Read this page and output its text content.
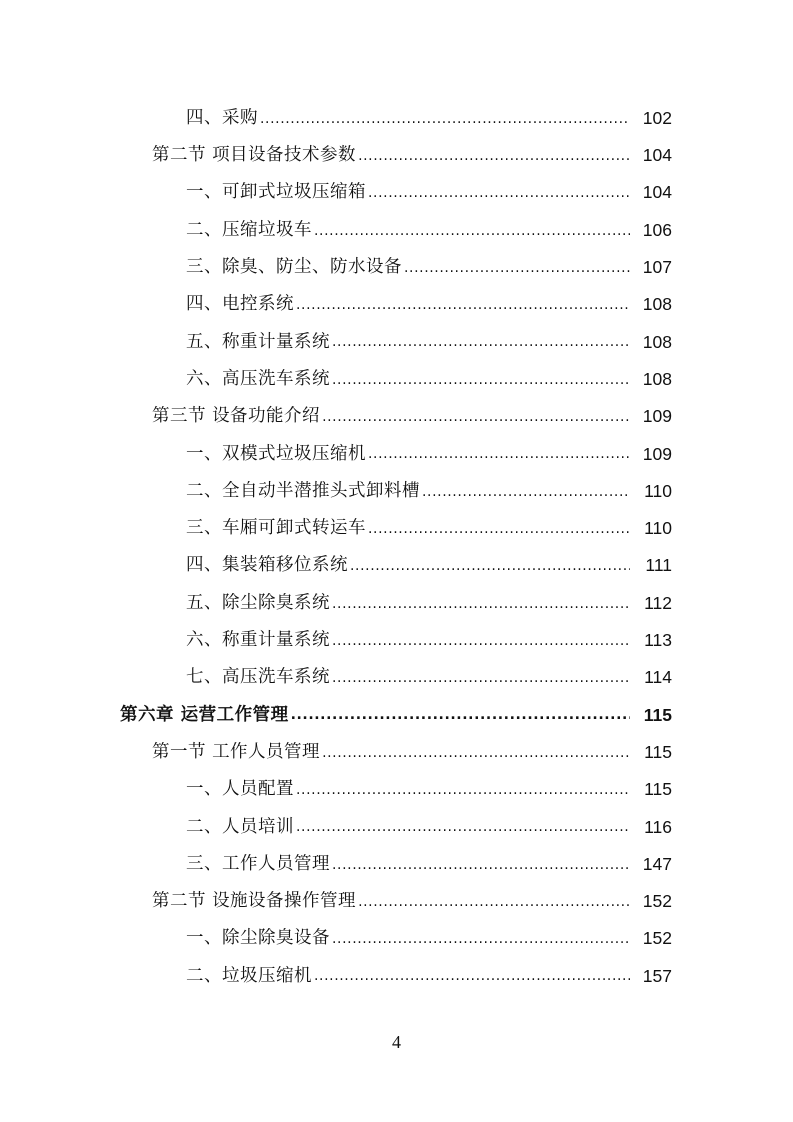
四、采购 .....	102
第二节 项目设备技术参数 .....	104
一、可卸式垃圾压缩箱 .....	104
二、压缩垃圾车 .....	106
三、除臭、防尘、防水设备 .....	107
四、电控系统 .....	108
五、称重计量系统 .....	108
六、高压洗车系统 .....	108
第三节 设备功能介绍 .....	109
一、双模式垃圾压缩机 .....	109
二、全自动半潜推头式卸料槽 .....	110
三、车厢可卸式转运车 .....	110
四、集装箱移位系统 .....	111
五、除尘除臭系统 .....	112
六、称重计量系统 .....	113
七、高压洗车系统 .....	114
第六章 运营工作管理 .....	115
第一节 工作人员管理 .....	115
一、人员配置 .....	115
二、人员培训 .....	116
三、工作人员管理 .....	147
第二节 设施设备操作管理 .....	152
一、除尘除臭设备 .....	152
二、垃圾压缩机 .....	157
4
